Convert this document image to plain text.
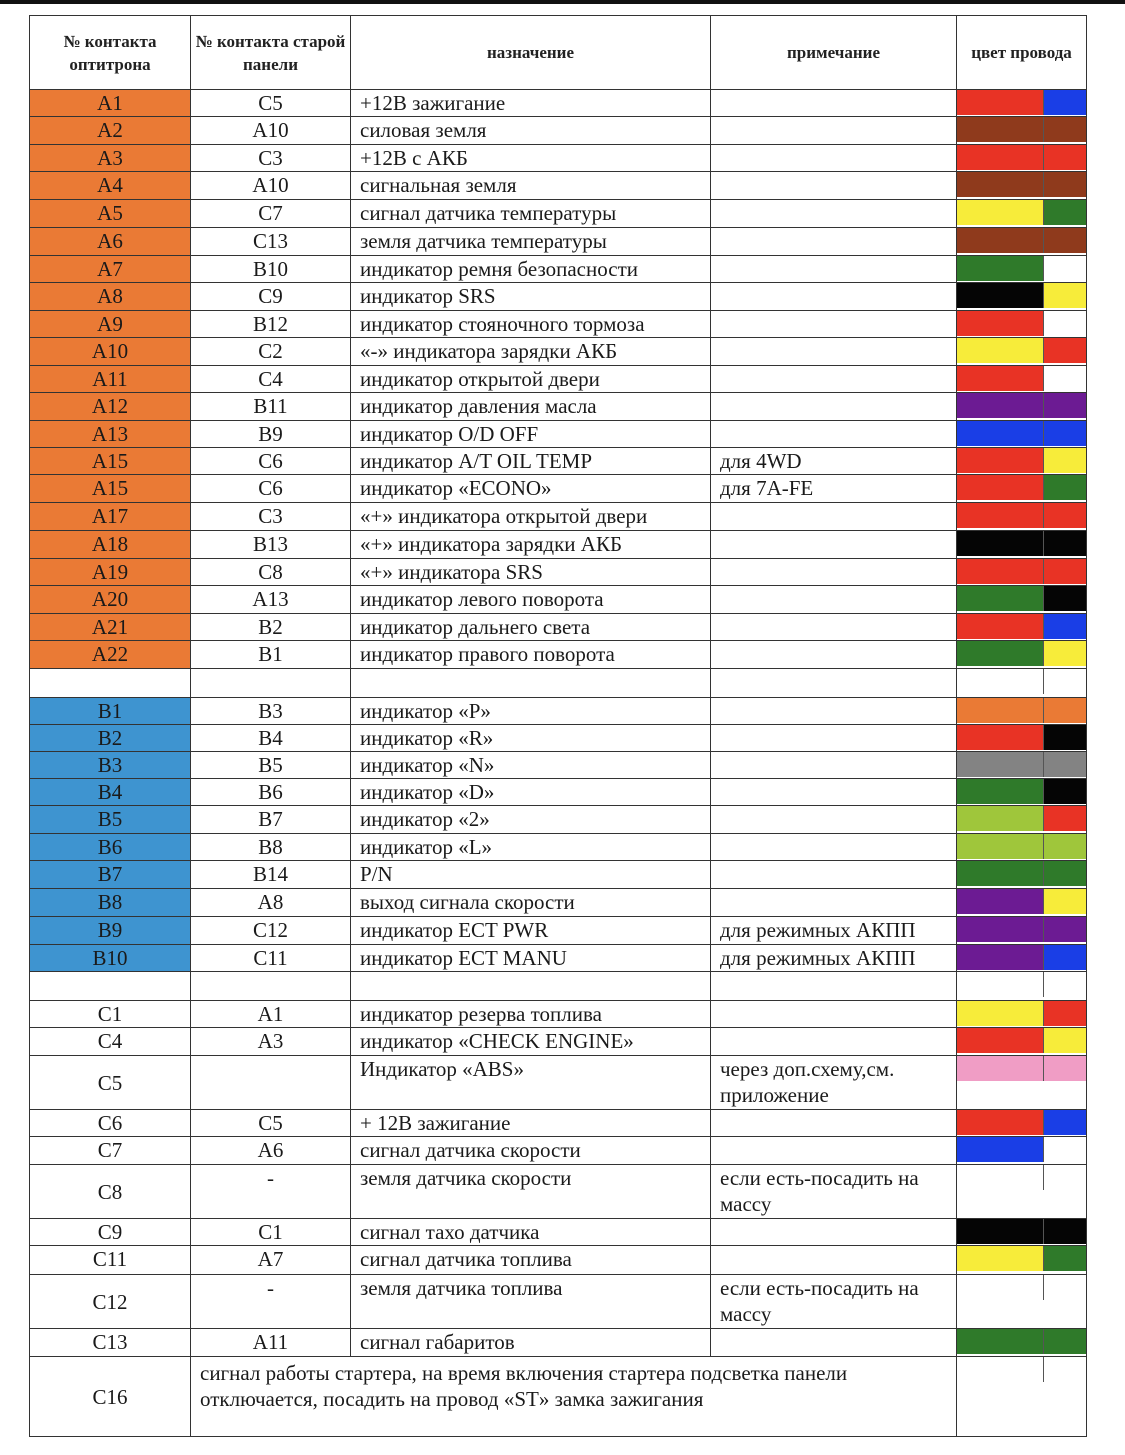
№ контакта оптитрона	№ контакта старой панели	назначение	примечание	цвет провода
A1	C5	+12В зажигание		

A2	A10	силовая земля		

A3	C3	+12В с АКБ		

A4	A10	сигнальная земля		

A5	C7	сигнал датчика температуры		

A6	C13	земля датчика температуры		

A7	B10	индикатор ремня безопасности		

A8	C9	индикатор SRS		

A9	B12	индикатор стояночного тормоза		

A10	C2	«-» индикатора зарядки АКБ		

A11	C4	индикатор открытой двери		

A12	B11	индикатор давления масла		

A13	B9	индикатор O/D OFF		

A15	C6	индикатор A/T OIL TEMP	для 4WD	

A15	C6	индикатор «ECONO»	для 7A-FE	

A17	C3	«+» индикатора открытой двери		

A18	B13	«+» индикатора зарядки АКБ		

A19	C8	«+» индикатора SRS		

A20	A13	индикатор левого поворота		

A21	B2	индикатор дальнего света		

A22	B1	индикатор правого поворота		

B1	B3	индикатор «P»		

B2	B4	индикатор «R»		

B3	B5	индикатор «N»		

B4	B6	индикатор «D»		

B5	B7	индикатор «2»		

B6	B8	индикатор «L»		

B7	B14	P/N		

B8	A8	выход сигнала скорости		

B9	C12	индикатор ECT PWR	для режимных АКПП	

B10	C11	индикатор ECT MANU	для режимных АКПП	

C1	A1	индикатор резерва топлива		

C4	A3	индикатор «CHECK ENGINE»		

C5		Индикатор «ABS»	через доп.схему,см. приложение	

C6	C5	+ 12В зажигание		

C7	A6	сигнал датчика скорости		

C8	-	земля датчика скорости	если есть-посадить на массу	

C9	C1	сигнал тахо датчика		

C11	A7	сигнал датчика топлива		

C12	-	земля датчика топлива	если есть-посадить на массу	

C13	A11	сигнал габаритов		

C16	сигнал работы стартера, на время включения стартера подсветка панели отключается, посадить на провод «ST» замка зажигания			
